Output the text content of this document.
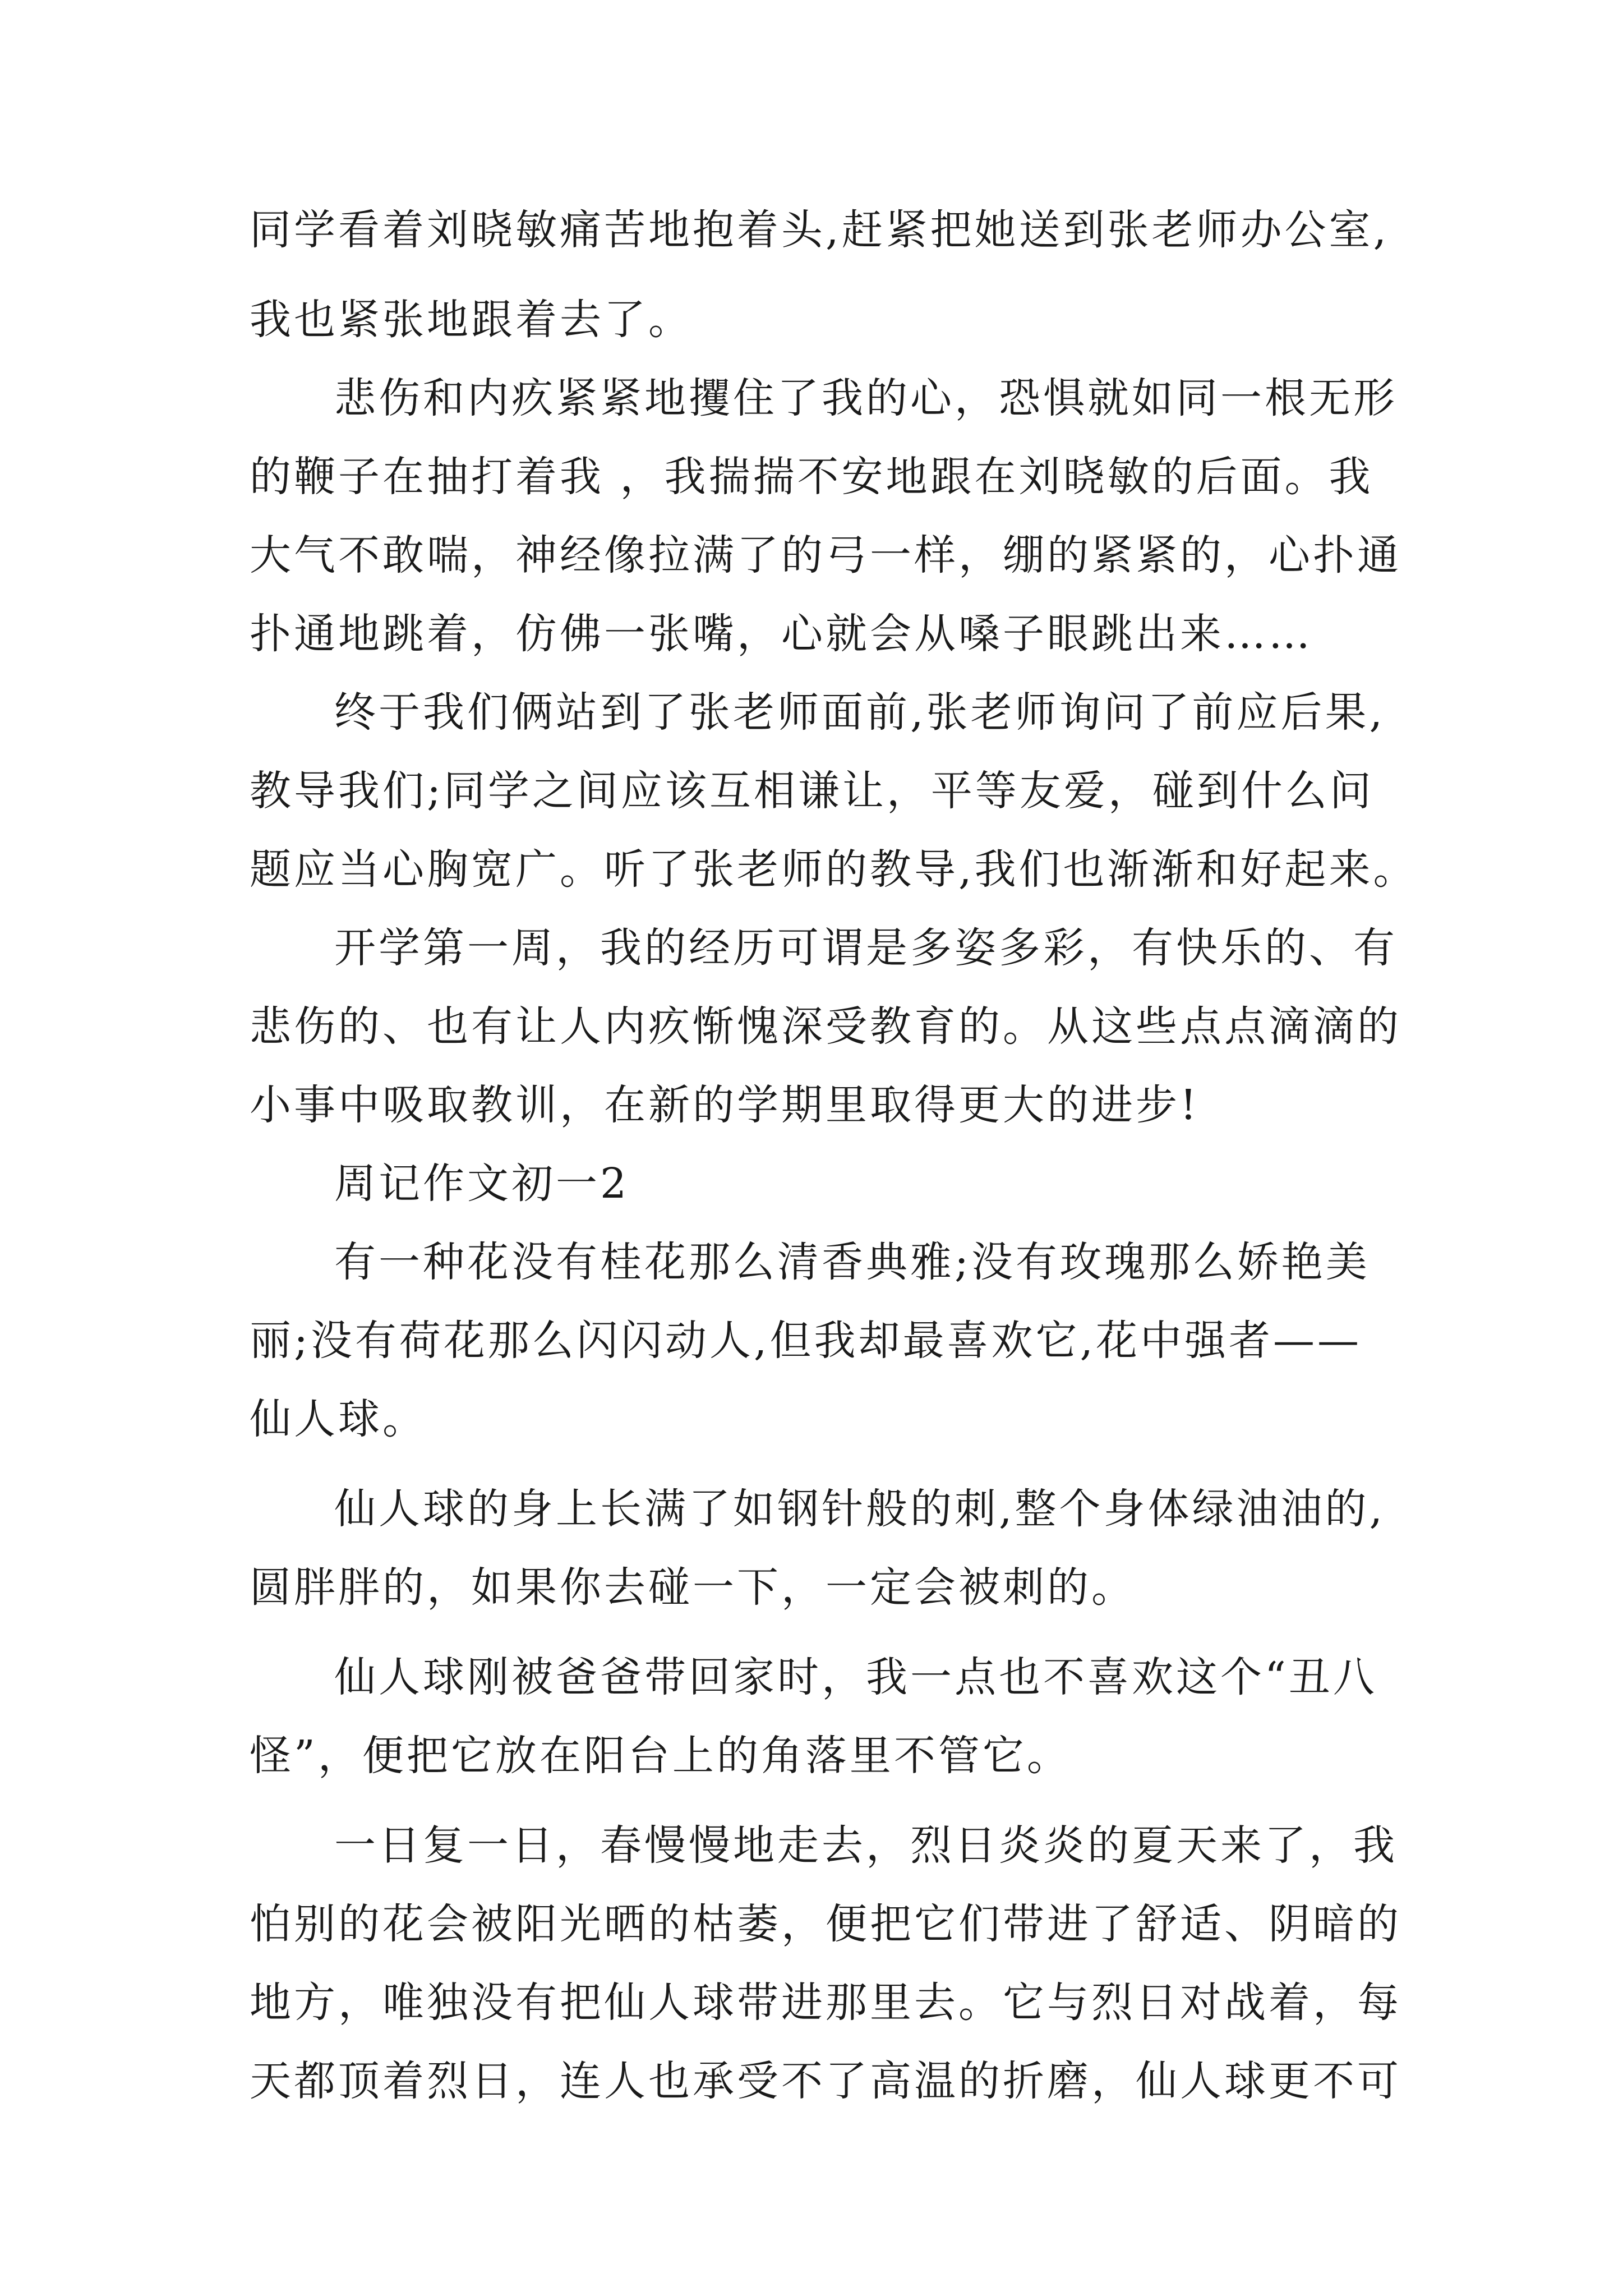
同学看着刘晓敏痛苦地抱着头,赶紧把她送到张老师办公室,
我也紧张地跟着去了。
悲伤和内疚紧紧地攫住了我的心，恐惧就如同一根无形
的鞭子在抽打着我 ，我揣揣不安地跟在刘晓敏的后面。我
大气不敢喘，神经像拉满了的弓一样，绷的紧紧的，心扑通
扑通地跳着，仿佛一张嘴，心就会从嗓子眼跳出来……
终于我们俩站到了张老师面前,张老师询问了前应后果,
教导我们;同学之间应该互相谦让，平等友爱，碰到什么问
题应当心胸宽广。听了张老师的教导,我们也渐渐和好起来。
开学第一周，我的经历可谓是多姿多彩，有快乐的、有
悲伤的、也有让人内疚惭愧深受教育的。从这些点点滴滴的
小事中吸取教训，在新的学期里取得更大的进步!
周记作文初一2
有一种花没有桂花那么清香典雅;没有玫瑰那么娇艳美
丽;没有荷花那么闪闪动人,但我却最喜欢它,花中强者——
仙人球。
仙人球的身上长满了如钢针般的刺,整个身体绿油油的,
圆胖胖的，如果你去碰一下，一定会被刺的。
仙人球刚被爸爸带回家时，我一点也不喜欢这个“丑八
怪”，便把它放在阳台上的角落里不管它。
一日复一日，春慢慢地走去，烈日炎炎的夏天来了，我
怕别的花会被阳光晒的枯萎，便把它们带进了舒适、阴暗的
地方，唯独没有把仙人球带进那里去。它与烈日对战着，每
天都顶着烈日，连人也承受不了高温的折磨，仙人球更不可
